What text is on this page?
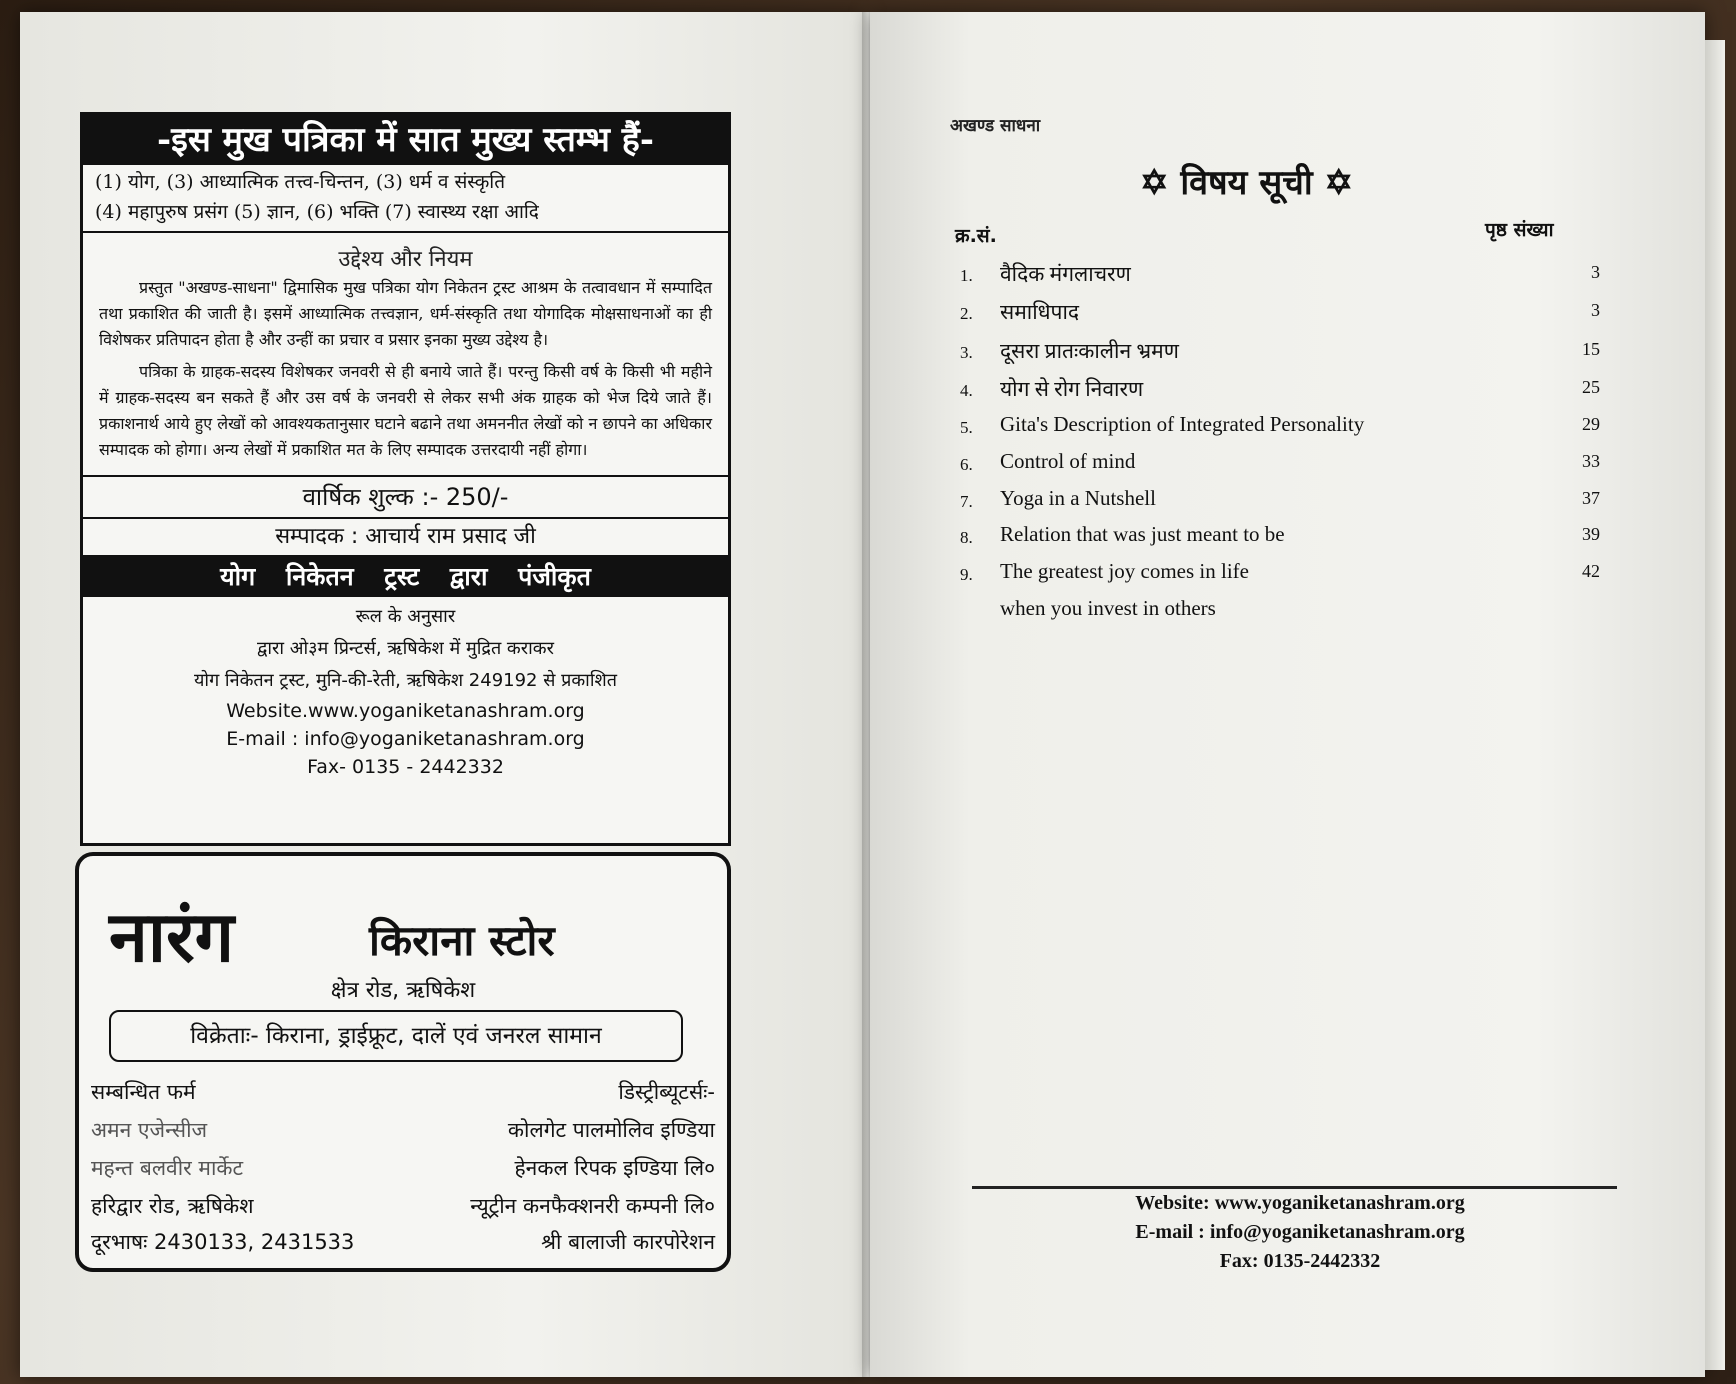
-इस मुख पत्रिका में सात मुख्य स्तम्भ हैं-
(1) योग, (3) आध्यात्मिक तत्त्व-चिन्तन, (3) धर्म व संस्कृति
(4) महापुरुष प्रसंग (5) ज्ञान, (6) भक्ति (7) स्वास्थ्य रक्षा आदि
उद्देश्य और नियम
प्रस्तुत "अखण्ड-साधना" द्विमासिक मुख पत्रिका योग निकेतन ट्रस्ट आश्रम के तत्वावधान में सम्पादित तथा प्रकाशित की जाती है। इसमें आध्यात्मिक तत्त्वज्ञान, धर्म-संस्कृति तथा योगादिक मोक्षसाधनाओं का ही विशेषकर प्रतिपादन होता है और उन्हीं का प्रचार व प्रसार इनका मुख्य उद्देश्य है।
पत्रिका के ग्राहक-सदस्य विशेषकर जनवरी से ही बनाये जाते हैं। परन्तु किसी वर्ष के किसी भी महीने में ग्राहक-सदस्य बन सकते हैं और उस वर्ष के जनवरी से लेकर सभी अंक ग्राहक को भेज दिये जाते हैं। प्रकाशनार्थ आये हुए लेखों को आवश्यकतानुसार घटाने बढाने तथा अमननीत लेखों को न छापने का अधिकार सम्पादक को होगा। अन्य लेखों में प्रकाशित मत के लिए सम्पादक उत्तरदायी नहीं होगा।
वार्षिक शुल्क :- 250/-
सम्पादक : आचार्य राम प्रसाद जी
योग निकेतन ट्रस्ट द्वारा पंजीकृत
रूल के अनुसार
द्वारा ओ३म प्रिन्टर्स, ऋषिकेश में मुद्रित कराकर
योग निकेतन ट्रस्ट, मुनि-की-रेती, ऋषिकेश 249192 से प्रकाशित
Website.www.yoganiketanashram.org
E-mail : info@yoganiketanashram.org
Fax- 0135 - 2442332
नारंग	किराना स्टोर
क्षेत्र रोड, ऋषिकेश
विक्रेताः- किराना, ड्राईफ्रूट, दालें एवं जनरल सामान
सम्बन्धित फर्म	डिस्ट्रीब्यूटर्सः-
अमन एजेन्सीज	कोलगेट पालमोलिव इण्डिया
महन्त बलवीर मार्केट	हेनकल रिपक इण्डिया लि०
हरिद्वार रोड, ऋषिकेश	न्यूट्रीन कनफैक्शनरी कम्पनी लि०
दूरभाषः 2430133, 2431533	श्री बालाजी कारपोरेशन
अखण्ड साधना
✡ विषय सूची ✡
क्र.सं.	पृष्ठ संख्या
1. वैदिक मंगलाचरण	3
2. समाधिपाद	3
3. दूसरा प्रातःकालीन भ्रमण	15
4. योग से रोग निवारण	25
5. Gita's Description of Integrated Personality	29
6. Control of mind	33
7. Yoga in a Nutshell	37
8. Relation that was just meant to be	39
9. The greatest joy comes in life	42
when you invest in others
Website: www.yoganiketanashram.org
E-mail : info@yoganiketanashram.org
Fax: 0135-2442332
